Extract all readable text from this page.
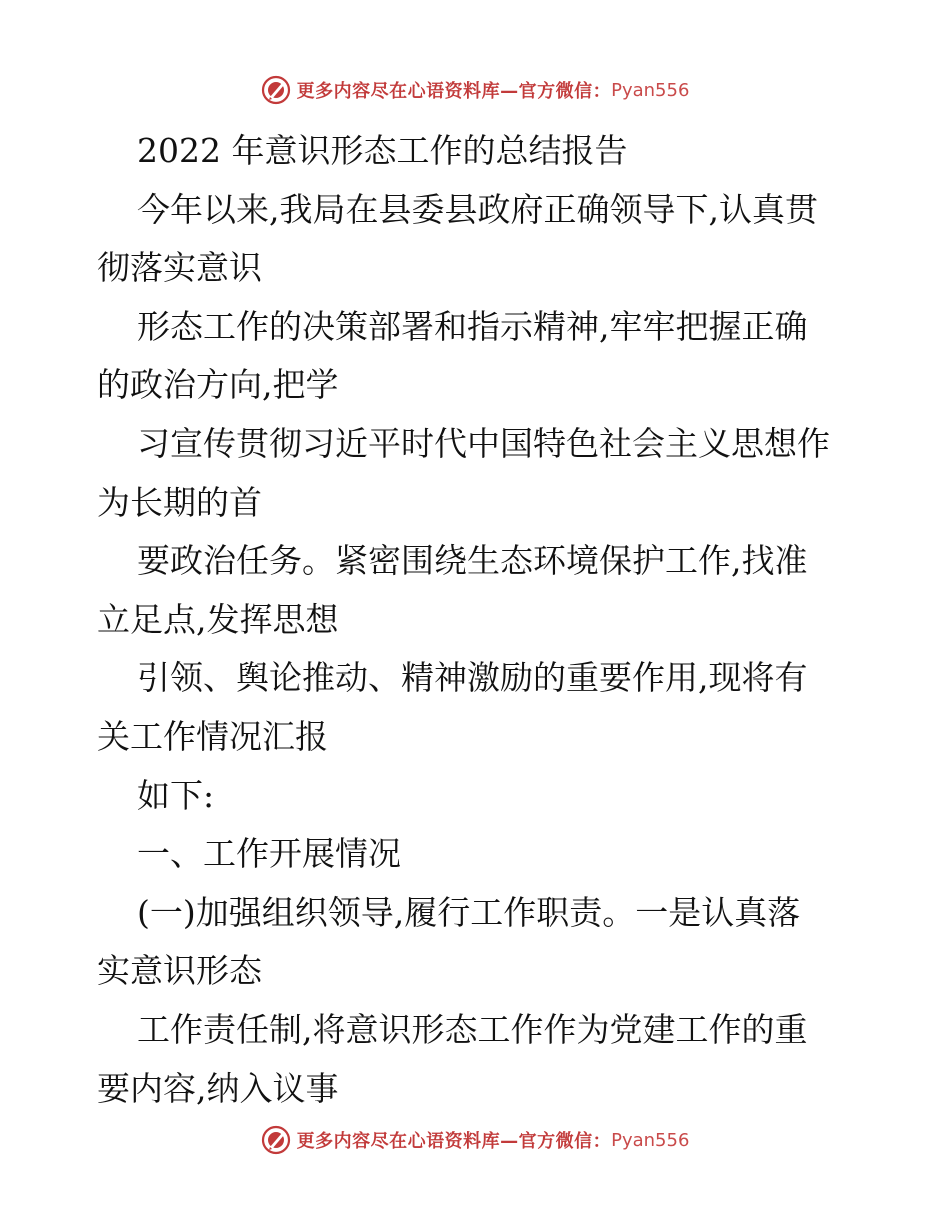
更多内容尽在心语资料库—官方微信： Pyan556
2022 年意识形态工作的总结报告
今年以来,我局在县委县政府正确领导下,认真贯
彻落实意识
形态工作的决策部署和指示精神,牢牢把握正确
的政治方向,把学
习宣传贯彻习近平时代中国特色社会主义思想作
为长期的首
要政治任务。紧密围绕生态环境保护工作,找准
立足点,发挥思想
引领、舆论推动、精神激励的重要作用,现将有
关工作情况汇报
如下:
一、工作开展情况
(一)加强组织领导,履行工作职责。一是认真落
实意识形态
工作责任制,将意识形态工作作为党建工作的重
要内容,纳入议事
更多内容尽在心语资料库—官方微信： Pyan556
